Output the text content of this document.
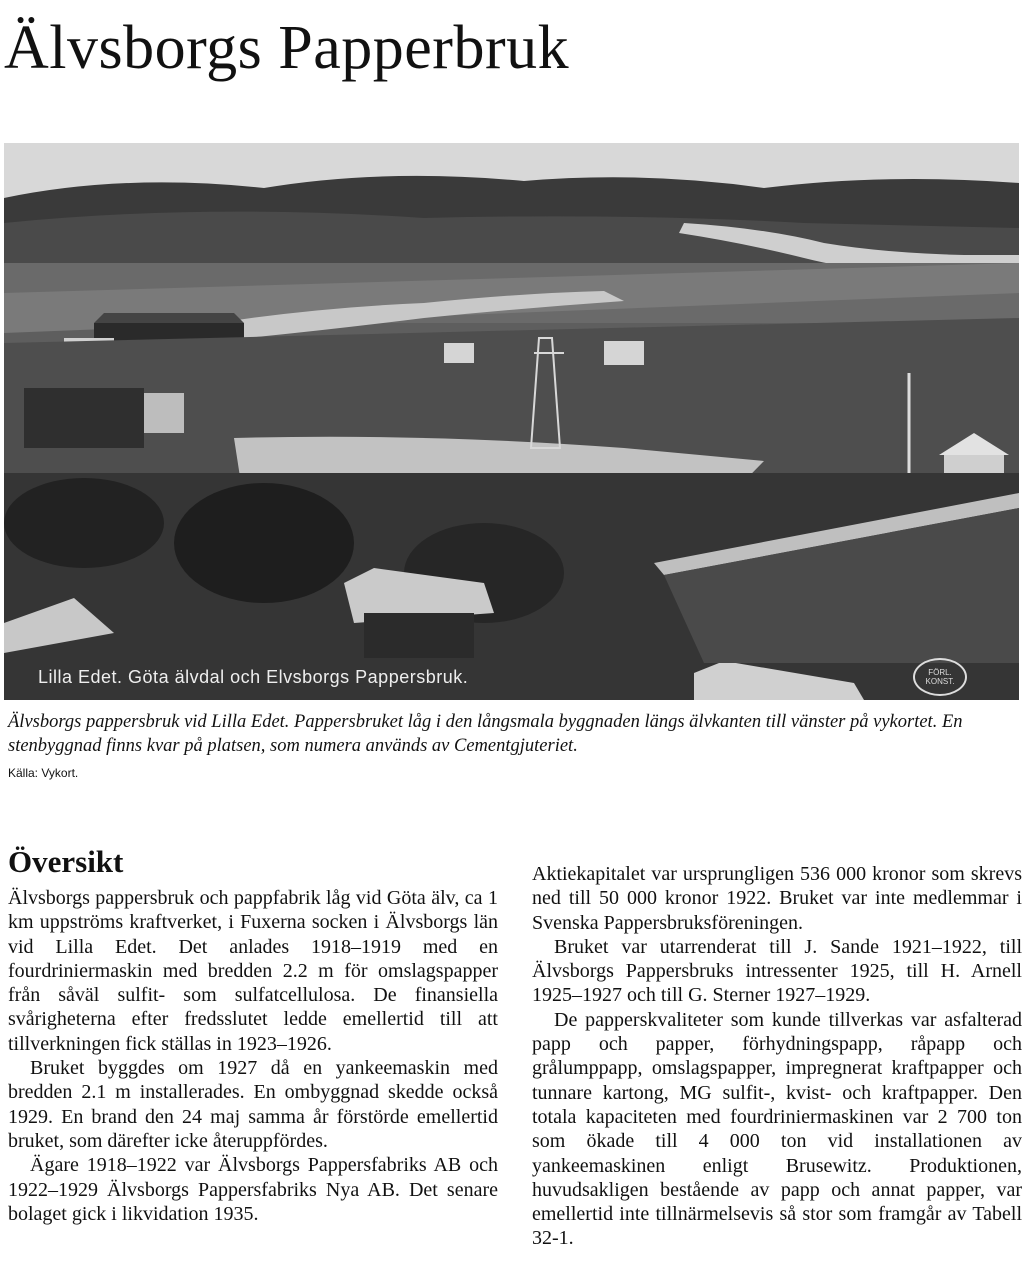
Älvsborgs Papperbruk
Lilla Edet. Göta älvdal och Elvsborgs Pappersbruk.	FÖRL. KONST.
Älvsborgs pappersbruk vid Lilla Edet. Pappersbruket låg i den långsmala byggnaden längs älvkanten till vänster på vykortet. En stenbyggnad finns kvar på platsen, som numera används av Cementgjuteriet.
Källa: Vykort.
Översikt

Älvsborgs pappersbruk och pappfabrik låg vid Göta älv, ca 1 km uppströms kraftverket, i Fuxerna socken i Älvsborgs län vid Lilla Edet. Det anlades 1918–1919 med en fourdriniermaskin med bredden 2.2 m för omslagspapper från såväl sulfit- som sulfatcellulosa. De finansiella svårigheterna efter fredsslutet ledde emellertid till att tillverkningen fick ställas in 1923–1926.

Bruket byggdes om 1927 då en yankeemaskin med bredden 2.1 m installerades. En ombyggnad skedde också 1929. En brand den 24 maj samma år förstörde emellertid bruket, som därefter icke återuppfördes.

Ägare 1918–1922 var Älvsborgs Pappersfabriks AB och 1922–1929 Älvsborgs Pappersfabriks Nya AB. Det senare bolaget gick i likvidation 1935.

Aktiekapitalet var ursprungligen 536 000 kronor som skrevs ned till 50 000 kronor 1922. Bruket var inte medlemmar i Svenska Pappersbruksföreningen.

Bruket var utarrenderat till J. Sande 1921–1922, till Älvsborgs Pappersbruks intressenter 1925, till H. Arnell 1925–1927 och till G. Sterner 1927–1929.

De papperskvaliteter som kunde tillverkas var asfalterad papp och papper, förhydningspapp, råpapp och grålumppapp, omslagspapper, impregnerat kraftpapper och tunnare kartong, MG sulfit-, kvist- och kraftpapper. Den totala kapaciteten med fourdriniermaskinen var 2 700 ton som ökade till 4 000 ton vid installationen av yankeemaskinen enligt Brusewitz. Produktionen, huvudsakligen bestående av papp och annat papper, var emellertid inte tillnärmelsevis så stor som framgår av Tabell 32-1.
